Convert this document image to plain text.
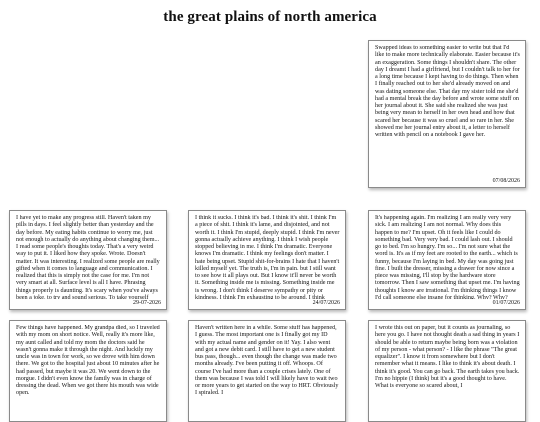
the great plains of north america
Swapped ideas to something easier to write but that I'd like to make more technically elaborate. Easier because it's an exaggeration. Some things I shouldn't share. The other day I dreamt I had a girlfriend, but I couldn't talk to her for a long time because I kept having to do things. Then when I finally reached out to her she'd already moved on and was dating someone else. That day my sister told me she'd had a mental break the day before and wrote some stuff on her journal about it. She said she realized she was just being very mean to herself in her own head and how that scared her because it was so cruel and so rare in her. She showed me her journal entry about it, a letter to herself written with pencil on a notebook I gave her.
07/08/2026
I have yet to make any progress still. Haven't taken my pills in days. I feel slightly better than yesterday and the day before. My eating habits continue to worry me, just not enough to actually do anything about changing them... I read some people's thoughts today. That's a very weird way to put it. I liked how they spoke. Wrote. Doesn't matter. It was interesting. I realized some people are really gifted when it comes to language and communication. I realized that this is simply not the case for me. I'm not very smart at all. Surface level is all I have. Phrasing things properly is daunting. It's scary when you've always been a joke, to try and sound serious. To take yourself
29-07-2026
I think it sucks. I think it's bad. I think it's shit. I think I'm a piece of shit. I think it's lame, and disjointed, and not worth it. I think I'm stupid, deeply stupid. I think I'm never gonna actually achieve anything. I think I wish people stopped believing in me. I think I'm dramatic. Everyone knows I'm dramatic. I think my feelings don't matter. I hate being upset. Stupid shit-for-brains I hate that I haven't killed myself yet. The truth is, I'm in pain. but I still want to see how it all plays out. But I know it'll never be worth it. Something inside me is missing. Something inside me is wrong. I don't think I deserve sympathy or pity or kindness. I think I'm exhausting to be around. I think
24/07/2026
It's happening again. I'm realizing I am really very very sick. I am realizing I am not normal. Why does this happen to me? I'm upset. Oh it feels like I could do something bad. Very very bad. I could lash out. I should go to bed. I'm so hungry. I'm so... I'm not sure what the word is. It's as if my feet are rooted to the earth... which is funny, because I'm laying in bed. My day was going just fine. I built the dresser, missing a drawer for now since a piece was missing, I'll stop by the hardware store tomorrow. Then I saw something that upset me. I'm having thoughts I know are irrational. I'm thinking things I know I'd call someone else insane for thinking. Why? Why?
01/07/2026
Few things have happened. My grandpa died, so I traveled with my mom on short notice. Well, really it's more like, my aunt called and told my mom the doctors said he wasn't gonna make it through the night. And luckily my uncle was in town for work, so we drove with him down there. We got to the hospital just about 10 minutes after he had passed, but maybe it was 20. We went down to the morgue. I didn't even know the family was in charge of dressing the dead. When we got there his mouth was wide open.
Haven't written here in a while. Some stuff has happened, I guess. The most important one is I finally got my ID with my actual name and gender on it! Yay. I also went and got a new debit card. I still have to get a new student bus pass, though... even though the change was made two months already. I've been putting it off. Whoops. Of course I've had more than a couple crises lately. One of them was because I was told I will likely have to wait two or more years to get started on the way to HRT. Obviously I spiraled. I
I wrote this out on paper, but it counts as journaling, so here you go. I have not thought death a sad thing in years I should be able to return maybe being born was a violation of my person - what person? - I like the phrase "The great equalizer". I know it from somewhere but I don't remember what it means. I like to think it's about death. I think it's good. You can go back. The earth takes you back. I'm no hippie (I think) but it's a good thought to have. What is everyone so scared about, I
